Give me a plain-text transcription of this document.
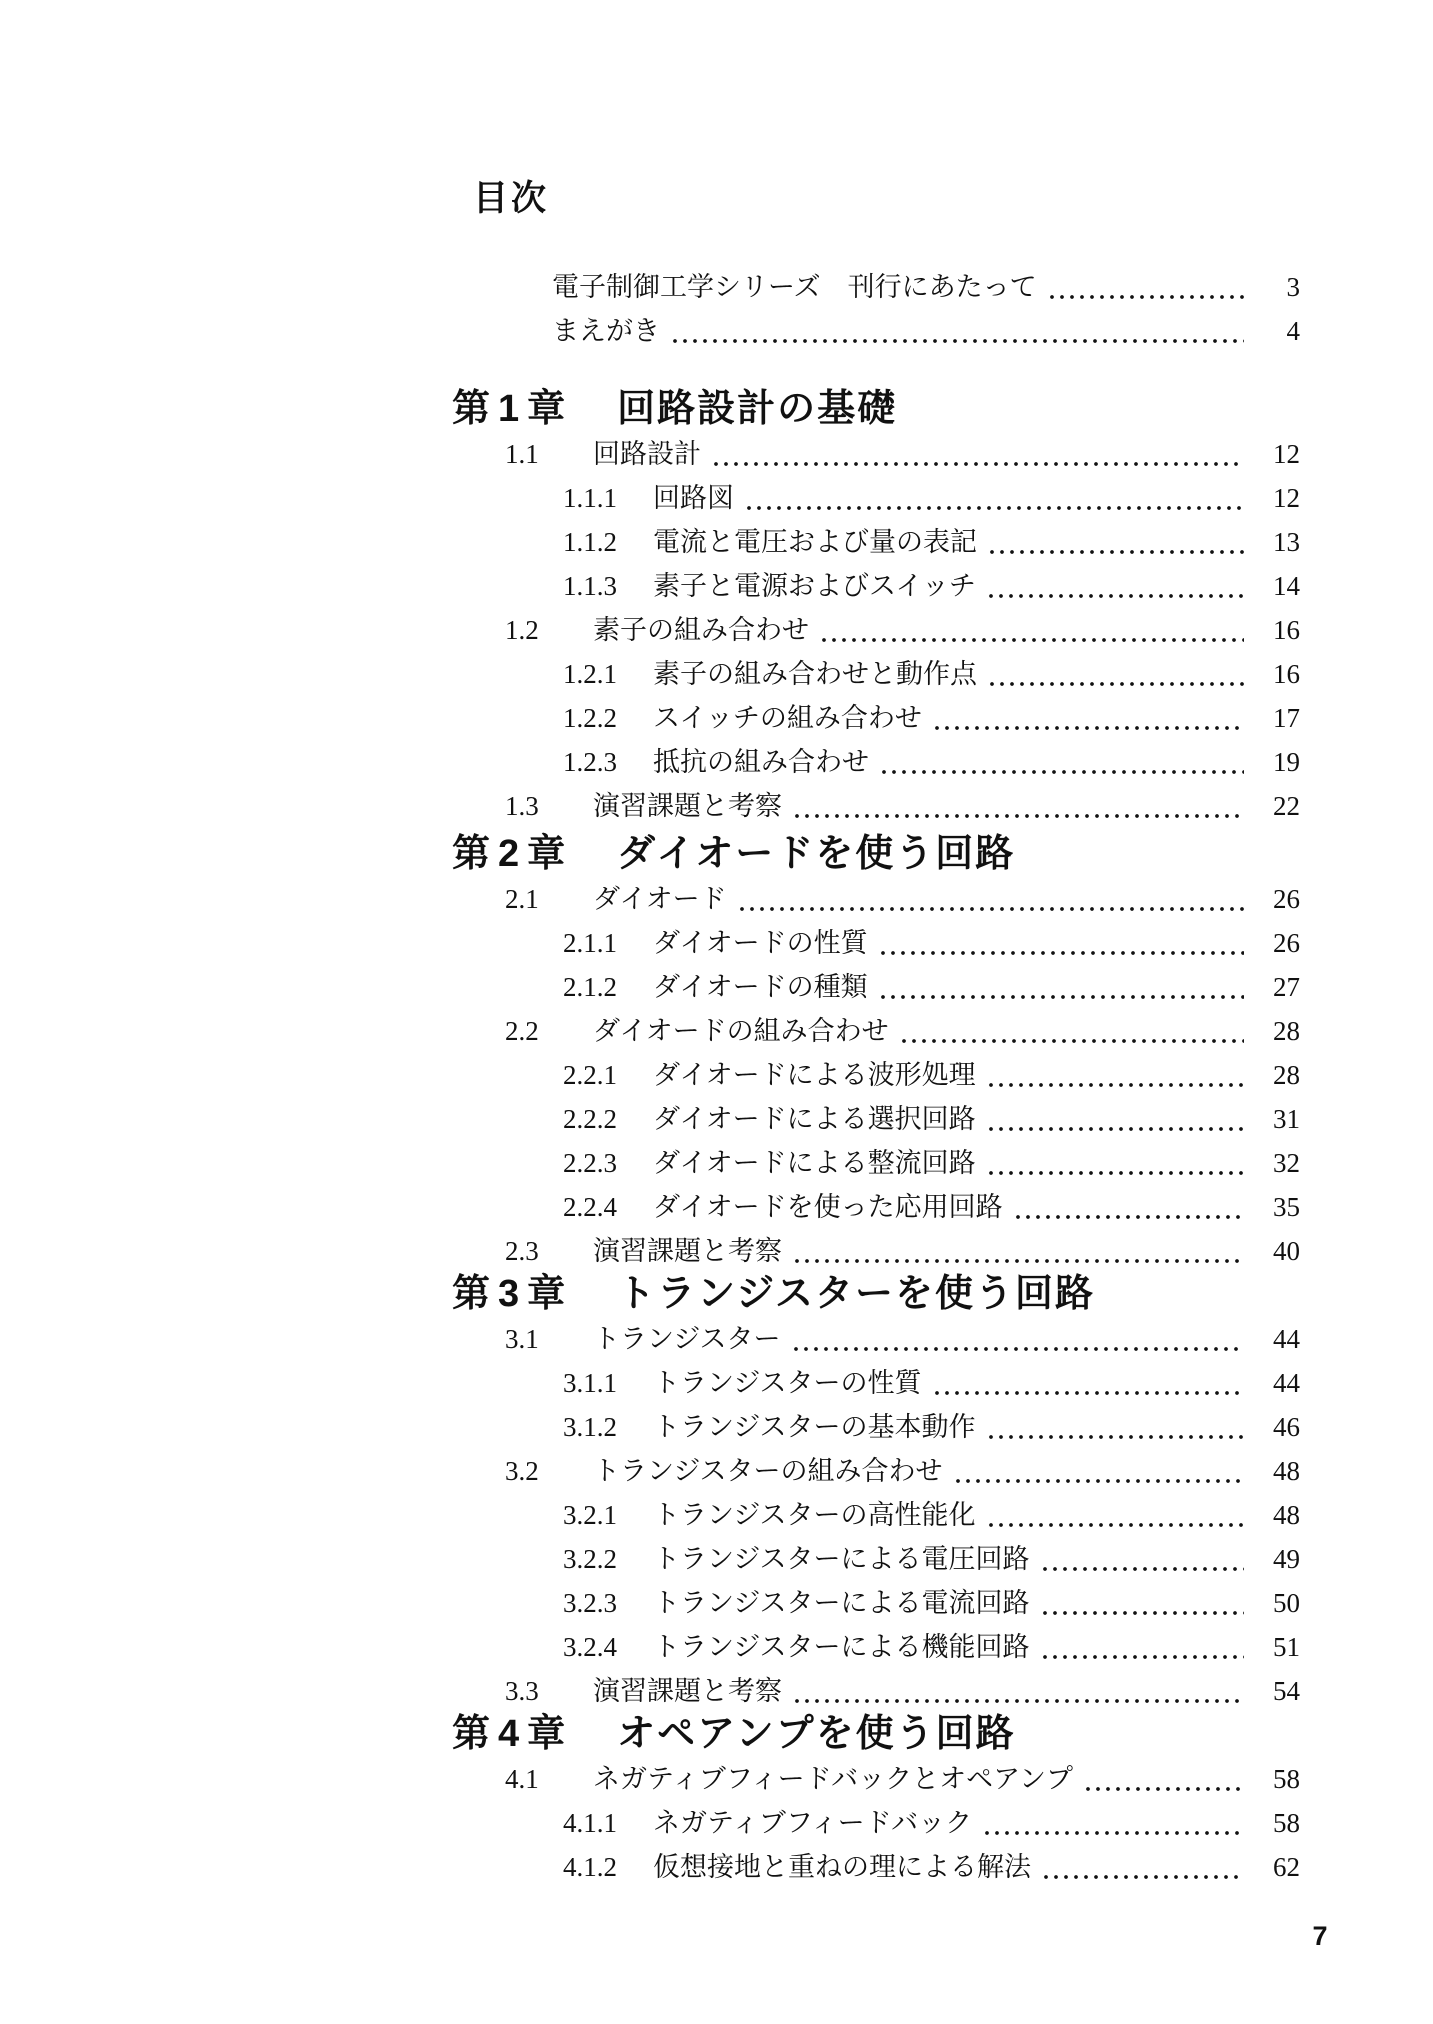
目次
電子制御工学シリーズ　刊行にあたって	3
まえがき	4
第1章 回路設計の基礎
1.1	回路設計	12
1.1.1	回路図	12
1.1.2	電流と電圧および量の表記	13
1.1.3	素子と電源およびスイッチ	14
1.2	素子の組み合わせ	16
1.2.1	素子の組み合わせと動作点	16
1.2.2	スイッチの組み合わせ	17
1.2.3	抵抗の組み合わせ	19
1.3	演習課題と考察	22
第2章 ダイオードを使う回路
2.1	ダイオード	26
2.1.1	ダイオードの性質	26
2.1.2	ダイオードの種類	27
2.2	ダイオードの組み合わせ	28
2.2.1	ダイオードによる波形処理	28
2.2.2	ダイオードによる選択回路	31
2.2.3	ダイオードによる整流回路	32
2.2.4	ダイオードを使った応用回路	35
2.3	演習課題と考察	40
第3章 トランジスターを使う回路
3.1	トランジスター	44
3.1.1	トランジスターの性質	44
3.1.2	トランジスターの基本動作	46
3.2	トランジスターの組み合わせ	48
3.2.1	トランジスターの高性能化	48
3.2.2	トランジスターによる電圧回路	49
3.2.3	トランジスターによる電流回路	50
3.2.4	トランジスターによる機能回路	51
3.3	演習課題と考察	54
第4章 オペアンプを使う回路
4.1	ネガティブフィードバックとオペアンプ	58
4.1.1	ネガティブフィードバック	58
4.1.2	仮想接地と重ねの理による解法	62
7
